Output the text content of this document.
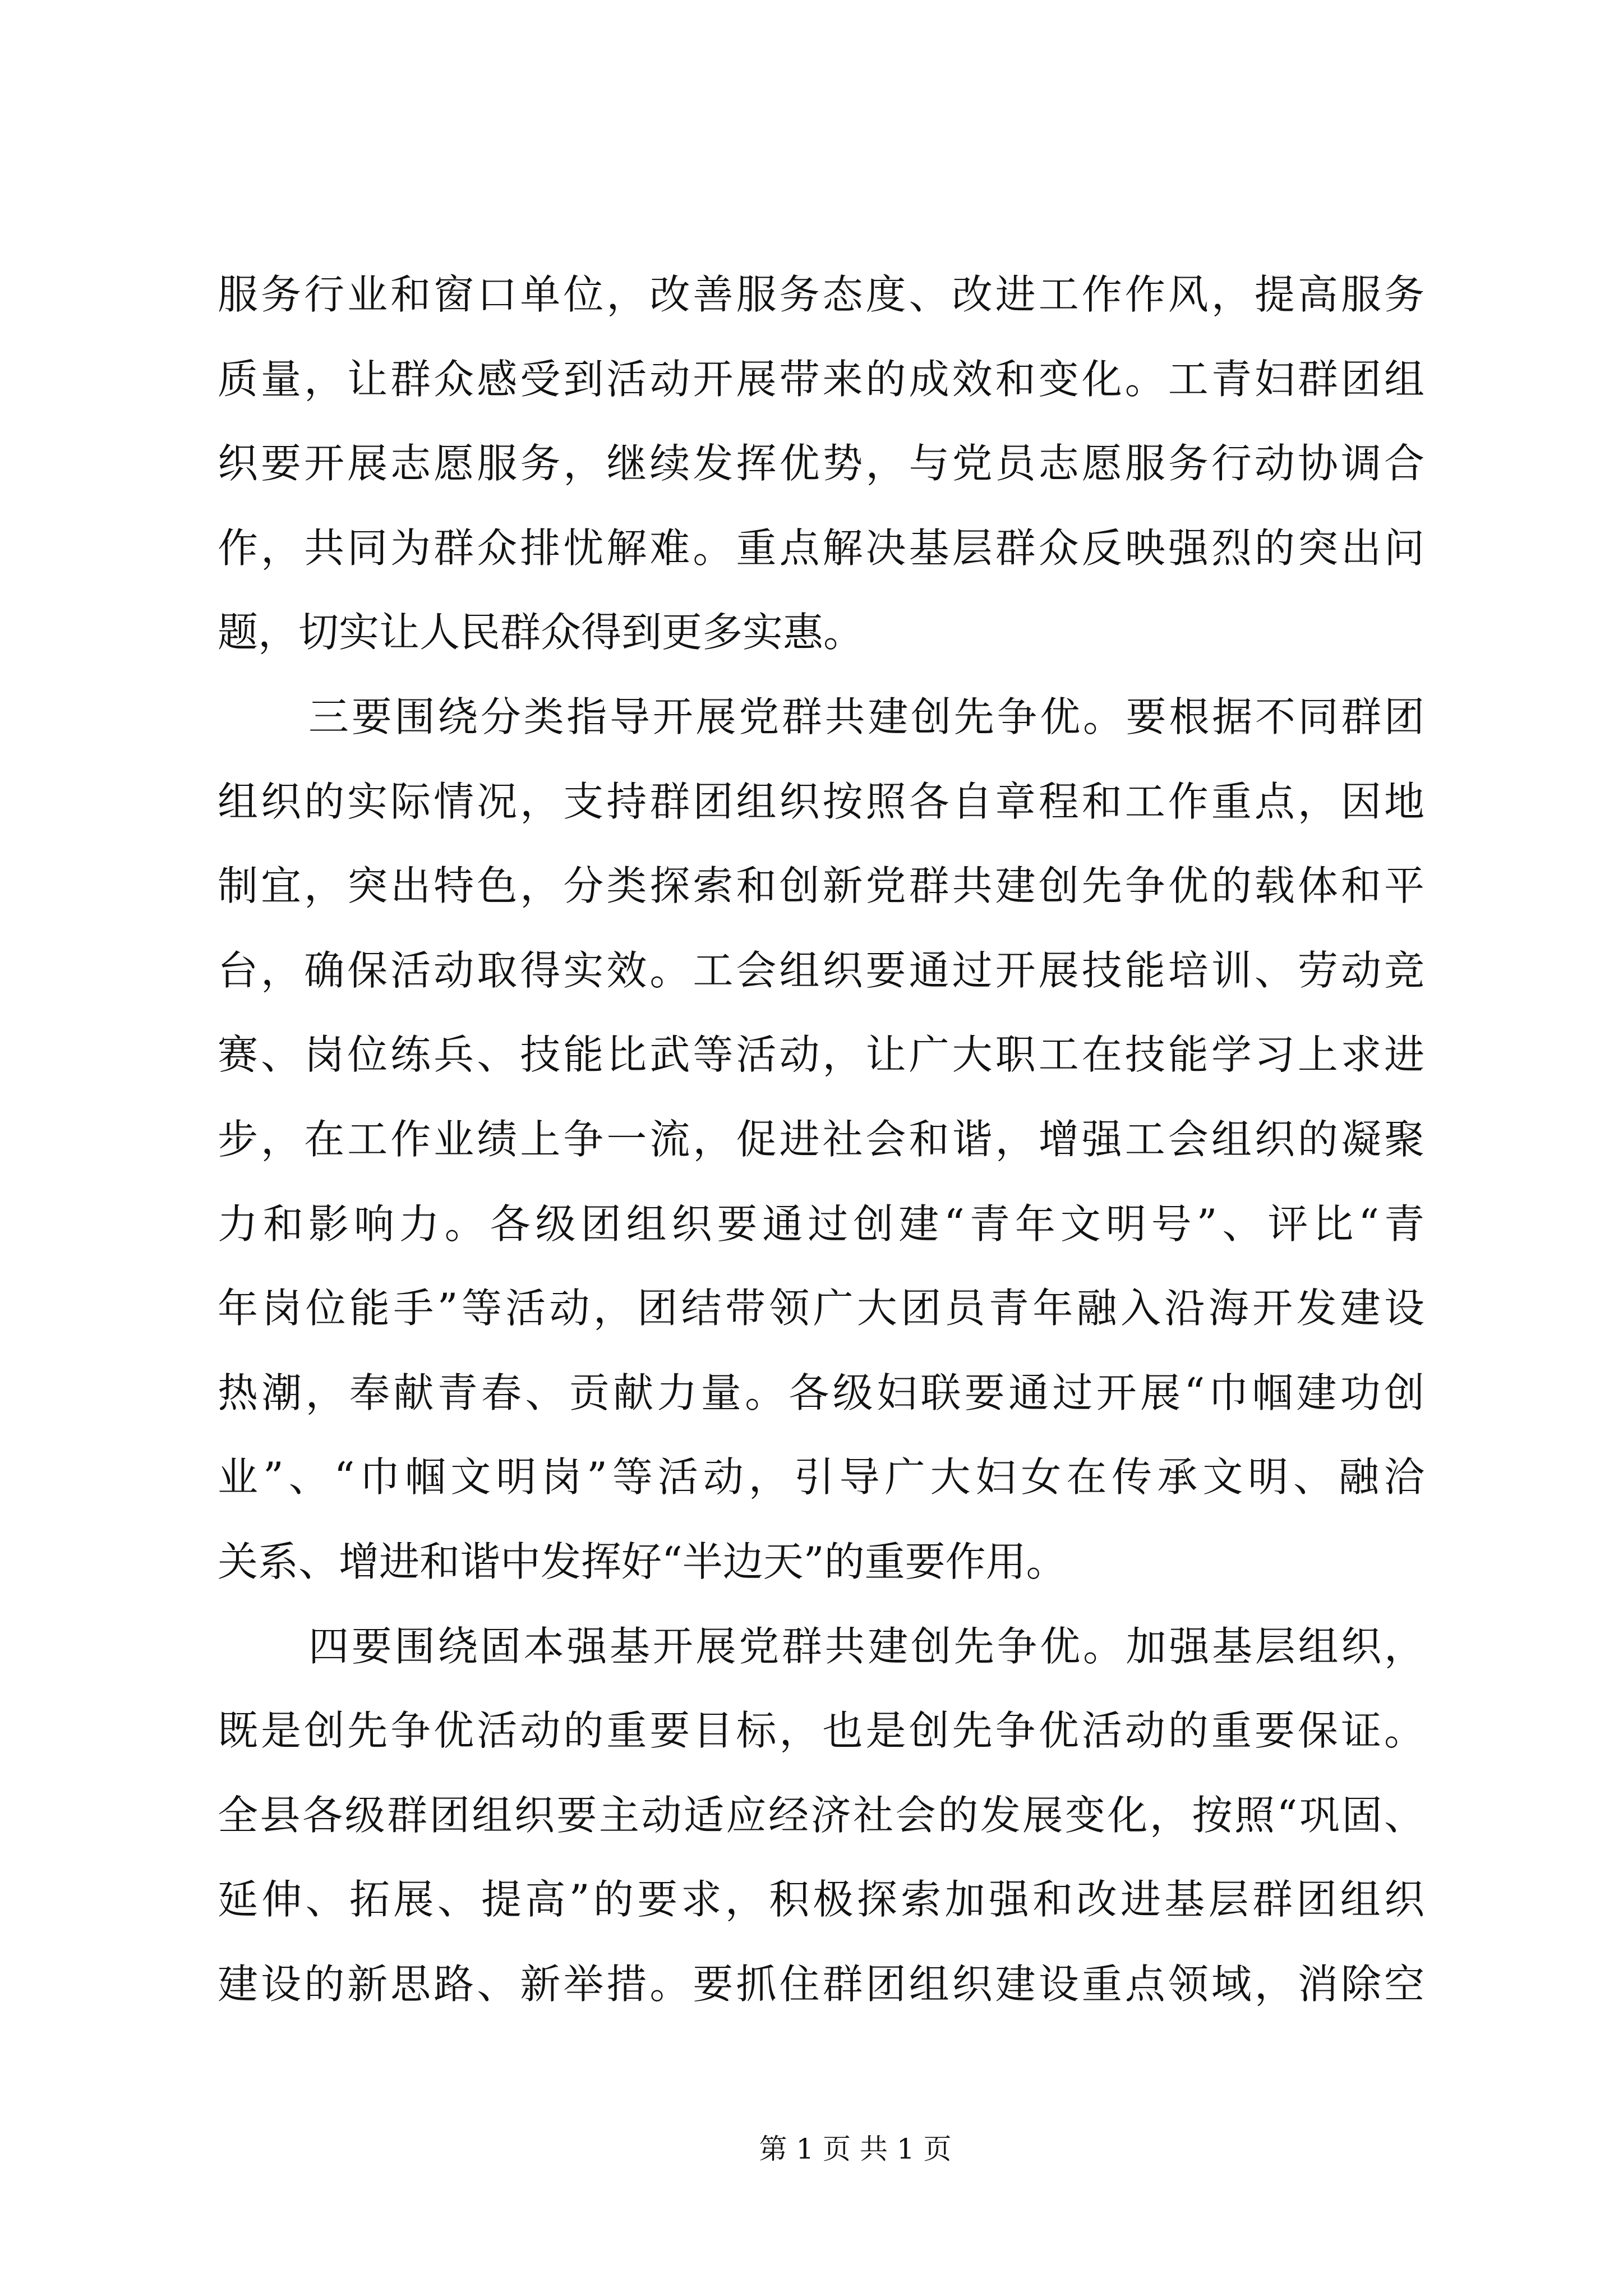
服务行业和窗口单位，改善服务态度、改进工作作风，提高服务
质量，让群众感受到活动开展带来的成效和变化。工青妇群团组
织要开展志愿服务，继续发挥优势，与党员志愿服务行动协调合
作，共同为群众排忧解难。重点解决基层群众反映强烈的突出问
题，切实让人民群众得到更多实惠。
三要围绕分类指导开展党群共建创先争优。要根据不同群团
组织的实际情况，支持群团组织按照各自章程和工作重点，因地
制宜，突出特色，分类探索和创新党群共建创先争优的载体和平
台，确保活动取得实效。工会组织要通过开展技能培训、劳动竞
赛、岗位练兵、技能比武等活动，让广大职工在技能学习上求进
步，在工作业绩上争一流，促进社会和谐，增强工会组织的凝聚
力和影响力。各级团组织要通过创建“青年文明号”、评比“青
年岗位能手”等活动，团结带领广大团员青年融入沿海开发建设
热潮，奉献青春、贡献力量。各级妇联要通过开展“巾帼建功创
业”、“巾帼文明岗”等活动，引导广大妇女在传承文明、融洽
关系、增进和谐中发挥好“半边天”的重要作用。
四要围绕固本强基开展党群共建创先争优。加强基层组织，
既是创先争优活动的重要目标，也是创先争优活动的重要保证。
全县各级群团组织要主动适应经济社会的发展变化，按照“巩固、
延伸、拓展、提高”的要求，积极探索加强和改进基层群团组织
建设的新思路、新举措。要抓住群团组织建设重点领域，消除空
第 1 页 共 1 页
